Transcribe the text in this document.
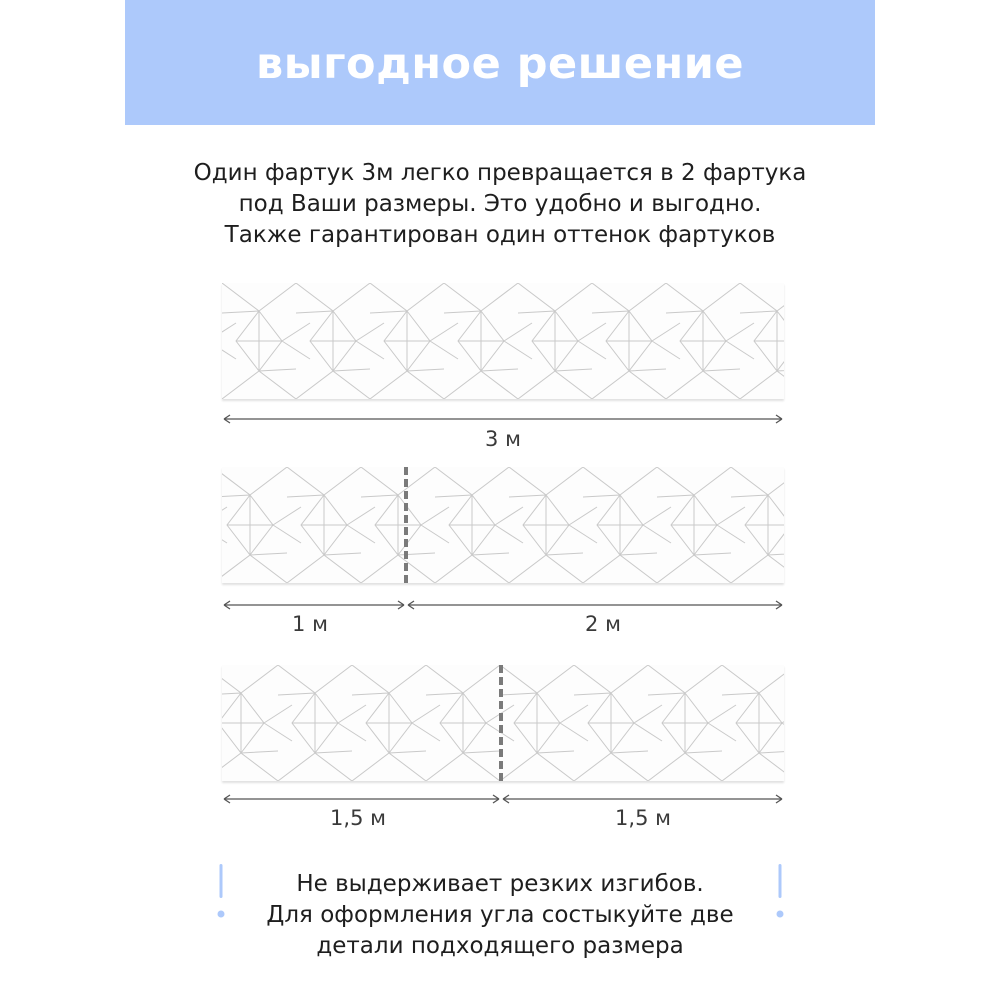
выгодное решение
Один фартук 3м легко превращается в 2 фартука
под Ваши размеры. Это удобно и выгодно.
Также гарантирован один оттенок фартуков
3 м
1 м	2 м
1,5 м	1,5 м
Не выдерживает резких изгибов.
Для оформления угла состыкуйте две
детали подходящего размера
